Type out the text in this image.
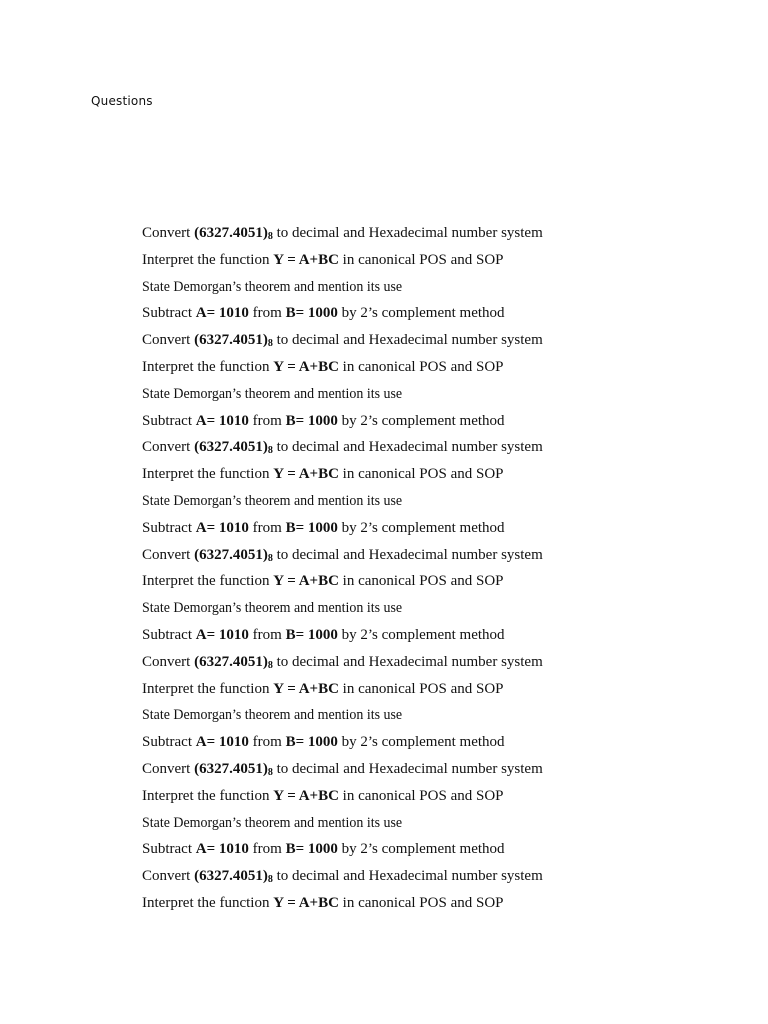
Questions
Convert $(6327.4051)_8$ to decimal and Hexadecimal number system
Interpret the function Y = A+BC in canonical POS and SOP
State Demorgan’s theorem and mention its use
Subtract A= 1010 from B= 1000 by 2’s complement method
Convert $(6327.4051)_8$ to decimal and Hexadecimal number system
Interpret the function Y = A+BC in canonical POS and SOP
State Demorgan’s theorem and mention its use
Subtract A= 1010 from B= 1000 by 2’s complement method
Convert $(6327.4051)_8$ to decimal and Hexadecimal number system
Interpret the function Y = A+BC in canonical POS and SOP
State Demorgan’s theorem and mention its use
Subtract A= 1010 from B= 1000 by 2’s complement method
Convert $(6327.4051)_8$ to decimal and Hexadecimal number system
Interpret the function Y = A+BC in canonical POS and SOP
State Demorgan’s theorem and mention its use
Subtract A= 1010 from B= 1000 by 2’s complement method
Convert $(6327.4051)_8$ to decimal and Hexadecimal number system
Interpret the function Y = A+BC in canonical POS and SOP
State Demorgan’s theorem and mention its use
Subtract A= 1010 from B= 1000 by 2’s complement method
Convert $(6327.4051)_8$ to decimal and Hexadecimal number system
Interpret the function Y = A+BC in canonical POS and SOP
State Demorgan’s theorem and mention its use
Subtract A= 1010 from B= 1000 by 2’s complement method
Convert $(6327.4051)_8$ to decimal and Hexadecimal number system
Interpret the function Y = A+BC in canonical POS and SOP
